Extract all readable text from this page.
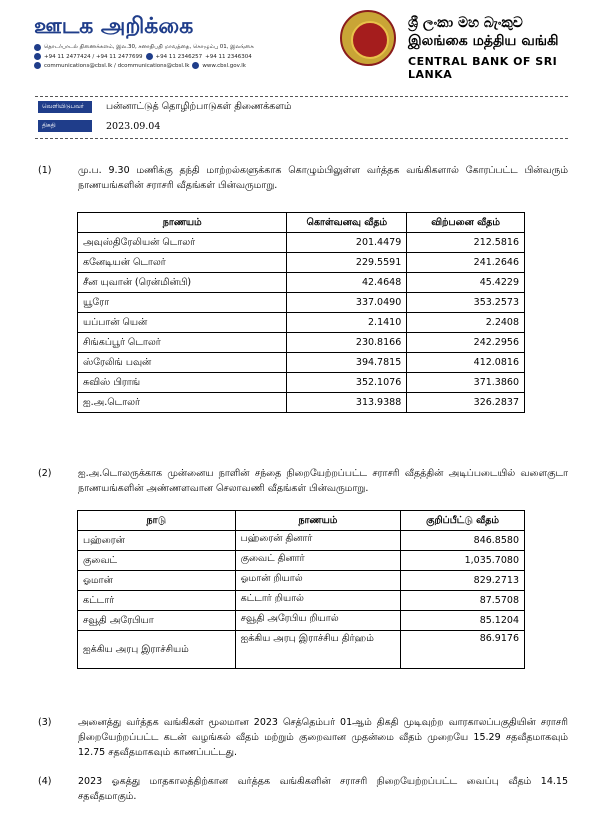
ஊடக அறிக்கை
தொடர்பாடல் திணைக்களம், இல.30, சனாதிபதி மாவத்தை, கொழும்பு 01, இலங்கை
+94 11 2477424 / +94 11 2477699 +94 11 2346257 +94 11 2346304
communications@cbsl.lk / dcommunications@cbsl.lk www.cbsl.gov.lk
ශ්‍රී ලංකා මහ බැංකුව
இலங்கை மத்திய வங்கி
CENTRAL BANK OF SRI LANKA
வெளியிடுபவர்	பன்னாட்டுத் தொழிற்பாடுகள் திணைக்களம்
திகதி	2023.09.04
(1)	மு.ப. 9.30 மணிக்கு தந்தி மாற்றல்களுக்காக கொழும்பிலுள்ள வர்த்தக வங்கிகளால் கோரப்பட்ட பின்வரும் நாணயங்களின் சராசரி வீதங்கள் பின்வருமாறு.
நாணயம்	கொள்வனவு வீதம்	விற்பனை வீதம்
அவுஸ்திரேலியன் டொலர்	201.4479	212.5816
கனேடியன் டொலர்	229.5591	241.2646
சீன யுவான் (ரென்மின்பி)	42.4648	45.4229
யூரோ	337.0490	353.2573
யப்பான் யென்	2.1410	2.2408
சிங்கப்பூர் டொலர்	230.8166	242.2956
ஸ்ரேலிங் பவுன்	394.7815	412.0816
சுவிஸ் பிராங்	352.1076	371.3860
ஐ.அ.டொலர்	313.9388	326.2837
(2)	ஐ.அ.டொலருக்காக முன்னைய நாளின் சந்தை நிறையேற்றப்பட்ட சராசரி வீதத்தின் அடிப்படையில் வளைகுடா நாணயங்களின் அண்ணளவான செலாவணி வீதங்கள் பின்வருமாறு.
நாடு	நாணயம்	குறிப்பீட்டு வீதம்
பஹ்ரைன்	பஹ்ரைன் தினார்	846.8580
குவைட்	குவைட் தினார்	1,035.7080
ஓமான்	ஓமான் றியால்	829.2713
கட்டார்	கட்டார் றியால்	87.5708
சவூதி அரேபியா	சவூதி அரேபிய றியால்	85.1204
ஐக்கிய அரபு இராச்சியம்	ஐக்கிய அரபு இராச்சிய திர்ஹம்	86.9176
(3)	அனைத்து வர்த்தக வங்கிகள் மூலமான 2023 செத்தெம்பர் 01ஆம் திகதி முடிவுற்ற வாரகாலப்பகுதியின் சராசரி நிறையேற்றப்பட்ட கடன் வழங்கல் வீதம் மற்றும் குறைவான முதன்மை வீதம் முறையே 15.29 சதவீதமாகவும் 12.75 சதவீதமாகவும் காணப்பட்டது.
(4)	2023 ஓகத்து மாதகாலத்திற்கான வர்த்தக வங்கிகளின் சராசரி நிறையேற்றப்பட்ட வைப்பு வீதம் 14.15 சதவீதமாகும்.
